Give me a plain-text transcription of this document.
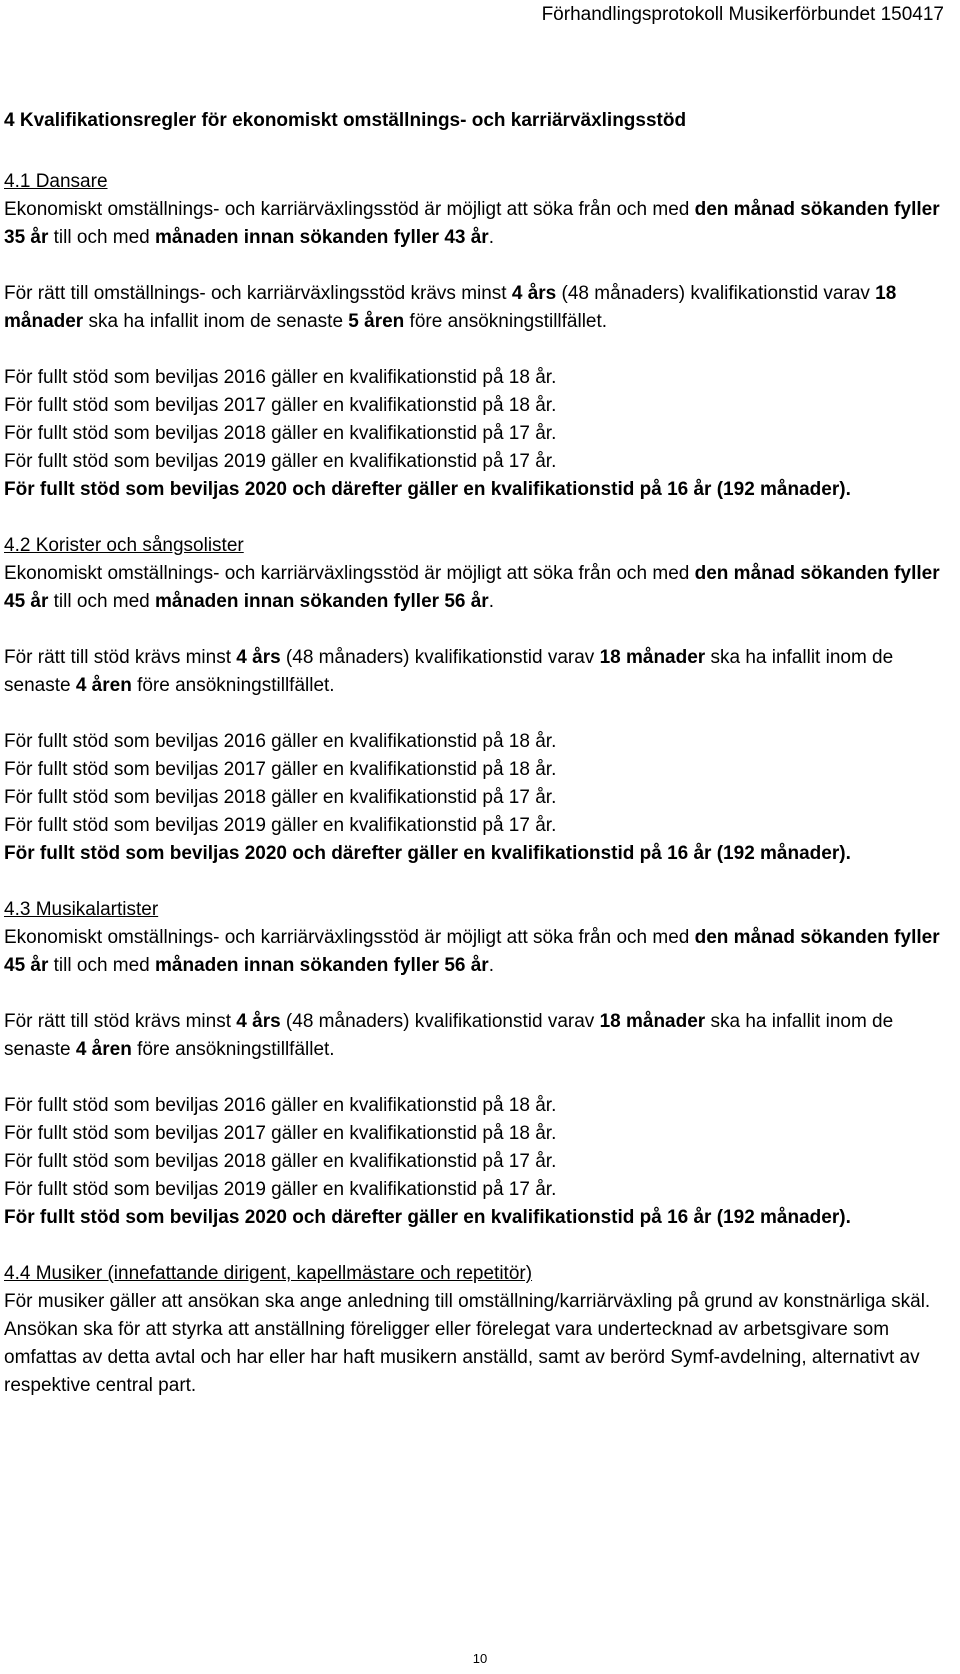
Förhandlingsprotokoll Musikerförbundet 150417
4 Kvalifikationsregler för ekonomiskt omställnings- och karriärväxlingsstöd

4.1 Dansare

Ekonomiskt omställnings- och karriärväxlingsstöd är möjligt att söka från och med den månad sökanden fyller 35 år till och med månaden innan sökanden fyller 43 år.

För rätt till omställnings- och karriärväxlingsstöd krävs minst 4 års (48 månaders) kvalifikationstid varav 18 månader ska ha infallit inom de senaste 5 åren före ansökningstillfället.

För fullt stöd som beviljas 2016 gäller en kvalifikationstid på 18 år.

För fullt stöd som beviljas 2017 gäller en kvalifikationstid på 18 år.

För fullt stöd som beviljas 2018 gäller en kvalifikationstid på 17 år.

För fullt stöd som beviljas 2019 gäller en kvalifikationstid på 17 år.

För fullt stöd som beviljas 2020 och därefter gäller en kvalifikationstid på 16 år (192 månader).

4.2 Korister och sångsolister

Ekonomiskt omställnings- och karriärväxlingsstöd är möjligt att söka från och med den månad sökanden fyller 45 år till och med månaden innan sökanden fyller 56 år.

För rätt till stöd krävs minst 4 års (48 månaders) kvalifikationstid varav 18 månader ska ha infallit inom de senaste 4 åren före ansökningstillfället.

För fullt stöd som beviljas 2016 gäller en kvalifikationstid på 18 år.

För fullt stöd som beviljas 2017 gäller en kvalifikationstid på 18 år.

För fullt stöd som beviljas 2018 gäller en kvalifikationstid på 17 år.

För fullt stöd som beviljas 2019 gäller en kvalifikationstid på 17 år.

För fullt stöd som beviljas 2020 och därefter gäller en kvalifikationstid på 16 år (192 månader).

4.3 Musikalartister

Ekonomiskt omställnings- och karriärväxlingsstöd är möjligt att söka från och med den månad sökanden fyller 45 år till och med månaden innan sökanden fyller 56 år.

För rätt till stöd krävs minst 4 års (48 månaders) kvalifikationstid varav 18 månader ska ha infallit inom de senaste 4 åren före ansökningstillfället.

För fullt stöd som beviljas 2016 gäller en kvalifikationstid på 18 år.

För fullt stöd som beviljas 2017 gäller en kvalifikationstid på 18 år.

För fullt stöd som beviljas 2018 gäller en kvalifikationstid på 17 år.

För fullt stöd som beviljas 2019 gäller en kvalifikationstid på 17 år.

För fullt stöd som beviljas 2020 och därefter gäller en kvalifikationstid på 16 år (192 månader).

4.4 Musiker (innefattande dirigent, kapellmästare och repetitör)

För musiker gäller att ansökan ska ange anledning till omställning/karriärväxling på grund av konstnärliga skäl. Ansökan ska för att styrka att anställning föreligger eller förelegat vara undertecknad av arbetsgivare som omfattas av detta avtal och har eller har haft musikern anställd, samt av berörd Symf-avdelning, alternativt av respektive central part.

10
